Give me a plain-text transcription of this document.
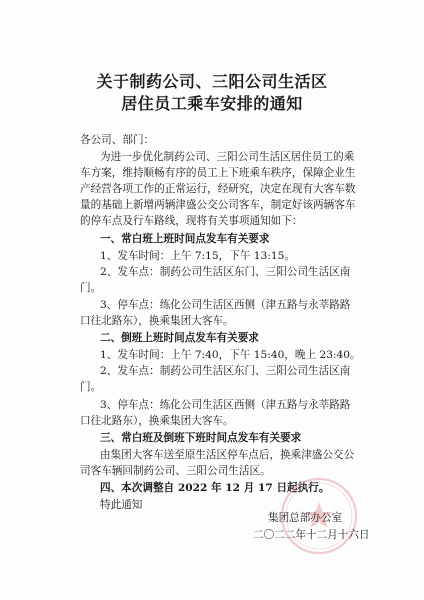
关于制药公司、三阳公司生活区
居住员工乘车安排的通知
各公司、部门：
为进一步优化制药公司、三阳公司生活区居住员工的乘
车方案，维持顺畅有序的员工上下班乘车秩序，保障企业生
产经营各项工作的正常运行，经研究，决定在现有大客车数
量的基础上新增两辆津盛公交公司客车，制定好该两辆客车
的停车点及行车路线，现将有关事项通知如下：
一、常白班上班时间点发车有关要求
1、发车时间：上午 7:15，下午 13:15。
2、发车点：制药公司生活区东门、三阳公司生活区南
门。
3、停车点：练化公司生活区西侧（津五路与永莘路路
口往北路东），换乘集团大客车。
二、倒班上班时间点发车有关要求
1、发车时间：上午 7:40，下午 15:40，晚上 23:40。
2、发车点：制药公司生活区东门、三阳公司生活区南
门。
3、停车点：练化公司生活区西侧（津五路与永莘路路
口往北路东），换乘集团大客车。
三、常白班及倒班下班时间点发车有关要求
由集团大客车送至原生活区停车点后，换乘津盛公交公
司客车辆回制药公司、三阳公司生活区。
四、本次调整自 2022 年 12 月 17 日起执行。
特此通知
集团总部办公室
二〇二二年十二月十六日
